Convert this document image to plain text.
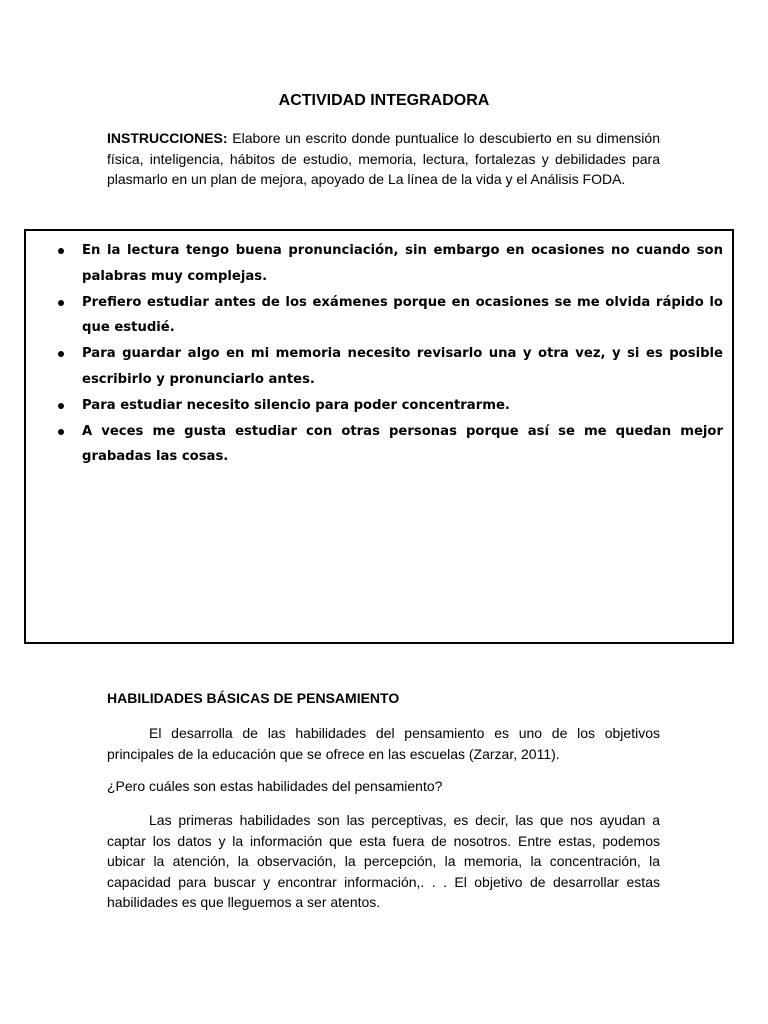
ACTIVIDAD INTEGRADORA

INSTRUCCIONES: Elabore un escrito donde puntualice lo descubierto en su dimensión física, inteligencia, hábitos de estudio, memoria, lectura, fortalezas y debilidades para plasmarlo en un plan de mejora, apoyado de La línea de la vida y el Análisis FODA.

En la lectura tengo buena pronunciación, sin embargo en ocasiones no cuando son palabras muy complejas.
Prefiero estudiar antes de los exámenes porque en ocasiones se me olvida rápido lo que estudié.
Para guardar algo en mi memoria necesito revisarlo una y otra vez, y si es posible escribirlo y pronunciarlo antes.
Para estudiar necesito silencio para poder concentrarme.
A veces me gusta estudiar con otras personas porque así se me quedan mejor grabadas las cosas.
HABILIDADES BÁSICAS DE PENSAMIENTO

El desarrolla de las habilidades del pensamiento es uno de los objetivos principales de la educación que se ofrece en las escuelas (Zarzar, 2011).

¿Pero cuáles son estas habilidades del pensamiento?

Las primeras habilidades son las perceptivas, es decir, las que nos ayudan a captar los datos y la información que esta fuera de nosotros. Entre estas, podemos ubicar la atención, la observación, la percepción, la memoria, la concentración, la capacidad para buscar y encontrar información,. . . El objetivo de desarrollar estas habilidades es que lleguemos a ser atentos.
